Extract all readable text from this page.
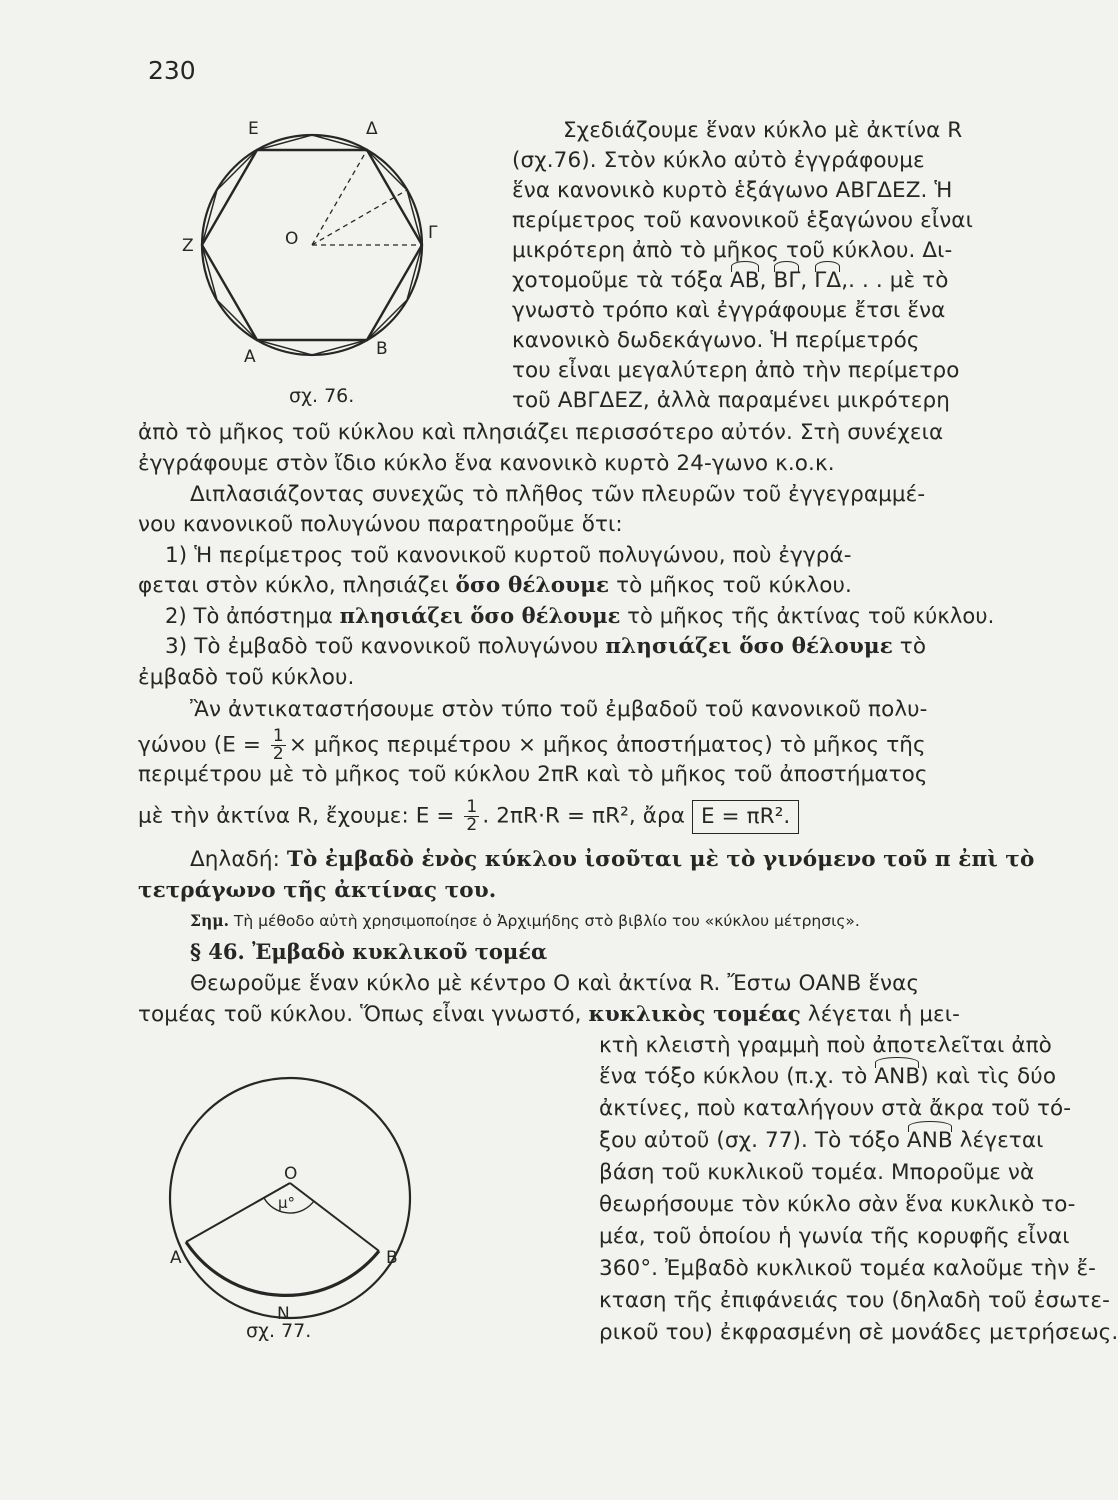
230
E	Δ
Z	O	Γ
A	B
σχ. 76.
Σχεδιάζουμε ἕναν κύκλο μὲ ἀκτίνα R
(σχ.76). Στὸν κύκλο αὐτὸ ἐγγράφουμε
ἕνα κανονικὸ κυρτὸ ἑξάγωνο ΑΒΓΔΕΖ. Ἡ
περίμετρος τοῦ κανονικοῦ ἑξαγώνου εἶναι
μικρότερη ἀπὸ τὸ μῆκος τοῦ κύκλου. Δι-
χοτομοῦμε τὰ τόξα ΑΒ, ΒΓ, ΓΔ,. . . μὲ τὸ
γνωστὸ τρόπο καὶ ἐγγράφουμε ἔτσι ἕνα
κανονικὸ δωδεκάγωνο. Ἡ περίμετρός
του εἶναι μεγαλύτερη ἀπὸ τὴν περίμετρο
τοῦ ΑΒΓΔΕΖ, ἀλλὰ παραμένει μικρότερη
ἀπὸ τὸ μῆκος τοῦ κύκλου καὶ πλησιάζει περισσότερο αὐτόν. Στὴ συνέχεια
ἐγγράφουμε στὸν ἴδιο κύκλο ἕνα κανονικὸ κυρτὸ 24-γωνο κ.ο.κ.
Διπλασιάζοντας συνεχῶς τὸ πλῆθος τῶν πλευρῶν τοῦ ἐγγεγραμμέ-
νου κανονικοῦ πολυγώνου παρατηροῦμε ὅτι:
1) Ἡ περίμετρος τοῦ κανονικοῦ κυρτοῦ πολυγώνου, ποὺ ἐγγρά-
φεται στὸν κύκλο, πλησιάζει ὅσο θέλουμε τὸ μῆκος τοῦ κύκλου.
2) Τὸ ἀπόστημα πλησιάζει ὅσο θέλουμε τὸ μῆκος τῆς ἀκτίνας τοῦ κύκλου.
3) Τὸ ἐμβαδὸ τοῦ κανονικοῦ πολυγώνου πλησιάζει ὅσο θέλουμε τὸ
ἐμβαδὸ τοῦ κύκλου.
Ἂν ἀντικαταστήσουμε στὸν τύπο τοῦ ἐμβαδοῦ τοῦ κανονικοῦ πολυ-
γώνου ($E = \frac{1}{2}$ × μῆκος περιμέτρου × μῆκος ἀποστήματος) τὸ μῆκος τῆς
περιμέτρου μὲ τὸ μῆκος τοῦ κύκλου 2πR καὶ τὸ μῆκος τοῦ ἀποστήματος
μὲ τὴν ἀκτίνα R, ἔχουμε: $E = \frac{1}{2}$ . 2πR·R = πR², ἄρα Ε = πR².
Δηλαδή: Τὸ ἐμβαδὸ ἑνὸς κύκλου ἰσοῦται μὲ τὸ γινόμενο τοῦ π ἐπὶ τὸ
τετράγωνο τῆς ἀκτίνας του.
Σημ. Τὴ μέθοδο αὐτὴ χρησιμοποίησε ὁ Ἀρχιμήδης στὸ βιβλίο του «κύκλου μέτρησις».
§ 46. Ἐμβαδὸ κυκλικοῦ τομέα
Θεωροῦμε ἕναν κύκλο μὲ κέντρο Ο καὶ ἀκτίνα R. Ἔστω ΟΑΝΒ ἕνας
τομέας τοῦ κύκλου. Ὅπως εἶναι γνωστό, κυκλικὸς τομέας λέγεται ἡ μει-
κτὴ κλειστὴ γραμμὴ ποὺ ἀποτελεῖται ἀπὸ
ἕνα τόξο κύκλου (π.χ. τὸ ΑΝΒ) καὶ τὶς δύο
ἀκτίνες, ποὺ καταλήγουν στὰ ἄκρα τοῦ τό-
ξου αὐτοῦ (σχ. 77). Τὸ τόξο ΑΝΒ λέγεται
βάση τοῦ κυκλικοῦ τομέα. Μποροῦμε νὰ
θεωρήσουμε τὸν κύκλο σὰν ἕνα κυκλικὸ το-
μέα, τοῦ ὁποίου ἡ γωνία τῆς κορυφῆς εἶναι
360°. Ἐμβαδὸ κυκλικοῦ τομέα καλοῦμε τὴν ἔ-
κταση τῆς ἐπιφάνειάς του (δηλαδὴ τοῦ ἐσωτε-
ρικοῦ του) ἐκφρασμένη σὲ μονάδες μετρήσεως.
O
μ°
A	B
N
σχ. 77.
